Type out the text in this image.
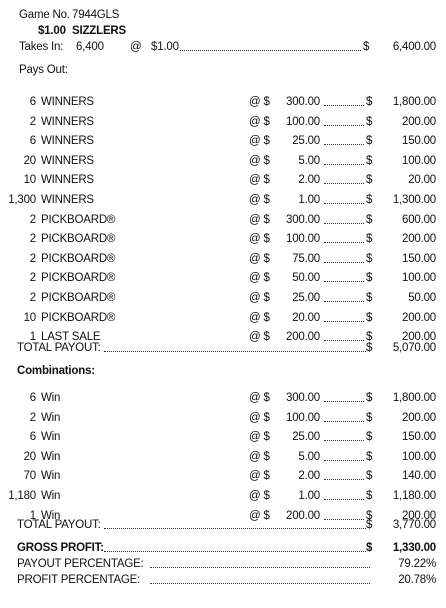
Game No. 7944GLS
$1.00 SIZZLERS
Takes In: 6,400 @ $1.00	$	6,400.00
Pays Out:
6 WINNERS	@ $	300.00	$	1,800.00
2 WINNERS	@ $	100.00	$	200.00
6 WINNERS	@ $	25.00	$	150.00
20 WINNERS	@ $	5.00	$	100.00
10 WINNERS	@ $	2.00	$	20.00
1,300 WINNERS	@ $	1.00	$	1,300.00
2 PICKBOARD®	@ $	300.00	$	600.00
2 PICKBOARD®	@ $	100.00	$	200.00
2 PICKBOARD®	@ $	75.00	$	150.00
2 PICKBOARD®	@ $	50.00	$	100.00
2 PICKBOARD®	@ $	25.00	$	50.00
10 PICKBOARD®	@ $	20.00	$	200.00
1 LAST SALE	@ $	200.00	$	200.00
TOTAL PAYOUT:	$	5,070.00
Combinations:
6 Win	@ $	300.00	$	1,800.00
2 Win	@ $	100.00	$	200.00
6 Win	@ $	25.00	$	150.00
20 Win	@ $	5.00	$	100.00
70 Win	@ $	2.00	$	140.00
1,180 Win	@ $	1.00	$	1,180.00
1 Win	@ $	200.00	$	200.00
TOTAL PAYOUT:	$	3,770.00
GROSS PROFIT:	$	1,330.00
PAYOUT PERCENTAGE:	79.22%
PROFIT PERCENTAGE:	20.78%
